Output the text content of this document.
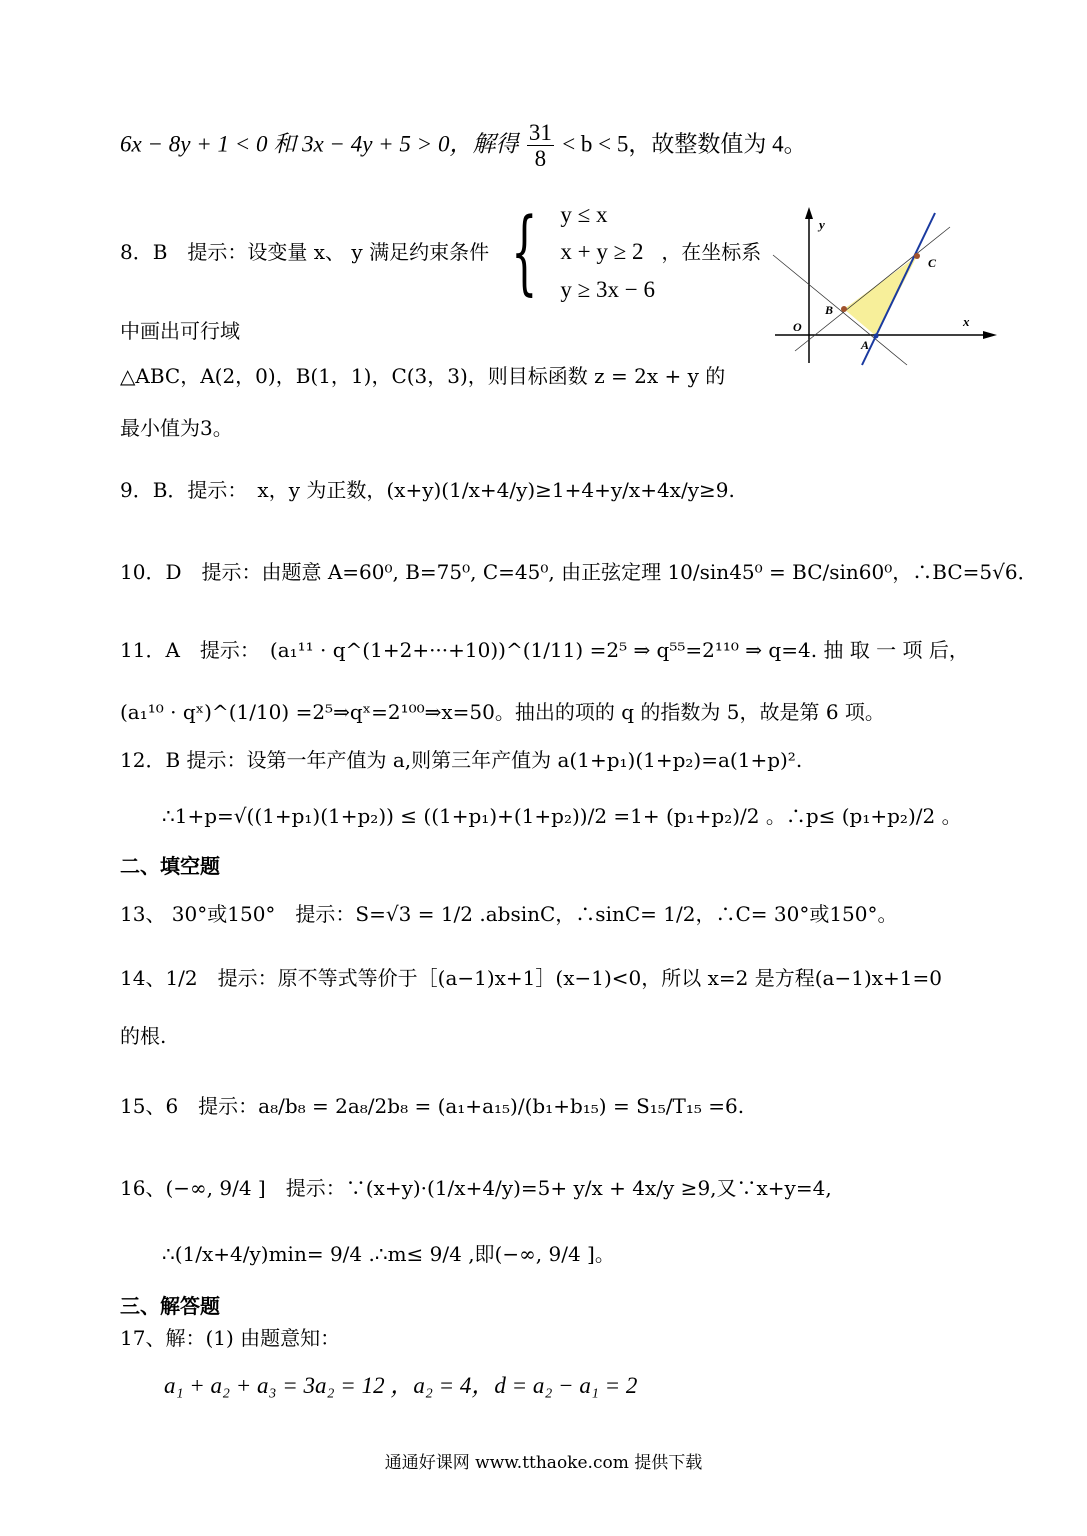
6x − 8y + 1 < 0 和 3x − 4y + 5 > 0，解得 $\frac{31}{8} < b < 5$，故整数值为 4。
8．B　提示：设变量 x、 y 满足约束条件 { y ≤ x
x + y ≥ 2
y ≥ 3x − 6
，在坐标系
中画出可行域
△ABC，A(2，0)，B(1，1)，C(3，3)，则目标函数 z = 2x + y 的
最小值为3。
y
x
O
A
B
C
9．B．提示：　x，y 为正数，(x+y)(1/x+4/y)≥1+4+y/x+4x/y≥9.
10．D　提示：由题意 A=60⁰, B=75⁰, C=45⁰, 由正弦定理 10/sin45⁰ = BC/sin60⁰，∴BC=5√6．
11．A　提示：　(a₁¹¹ · q^(1+2+···+10))^(1/11) =2⁵ ⇒ q⁵⁵=2¹¹⁰ ⇒ q=4. 抽 取 一 项 后，
(a₁¹⁰ · qˣ)^(1/10) =2⁵⇒qˣ=2¹⁰⁰⇒x=50。抽出的项的 q 的指数为 5，故是第 6 项。
12．B 提示：设第一年产值为 a,则第三年产值为 a(1+p₁)(1+p₂)=a(1+p)².
∴1+p=√((1+p₁)(1+p₂)) ≤ ((1+p₁)+(1+p₂))/2 =1+ (p₁+p₂)/2 。∴p≤ (p₁+p₂)/2 。
二、填空题
13、 30°或150°　提示：S=√3 = 1/2 .absinC，∴sinC= 1/2，∴C= 30°或150°。
14、1/2　提示：原不等式等价于［(a−1)x+1］(x−1)<0，所以 x=2 是方程(a−1)x+1=0
的根.
15、6　提示：a₈/b₈ = 2a₈/2b₈ = (a₁+a₁₅)/(b₁+b₁₅) = S₁₅/T₁₅ =6.
16、(−∞, 9/4 ]　提示：∵(x+y)·(1/x+4/y)=5+ y/x + 4x/y ≥9,又∵x+y=4,
∴(1/x+4/y)min= 9/4 .∴m≤ 9/4 ,即(−∞, 9/4 ]。
三、解答题
17、解：(1) 由题意知：
a₁ + a₂ + a₃ = 3a₂ = 12 ，a₂ = 4，d = a₂ − a₁ = 2
通通好课网 www.tthaoke.com 提供下载
